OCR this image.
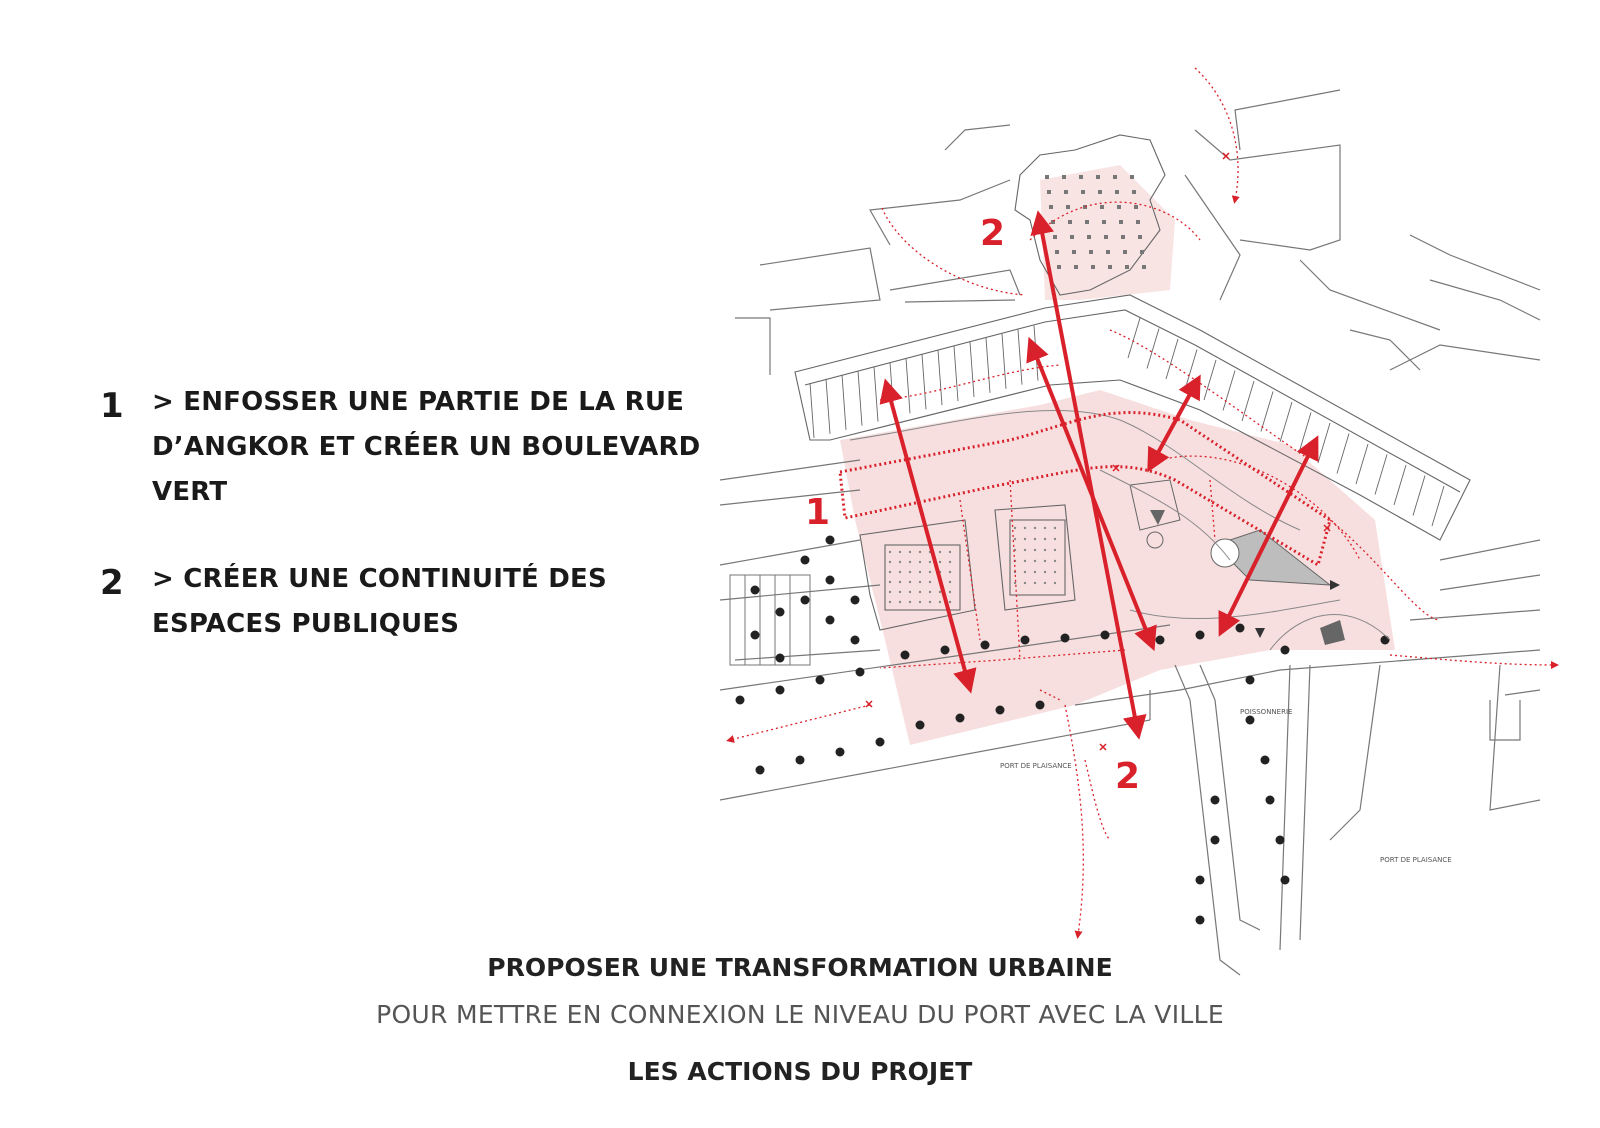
1 > ENFOSSER UNE PARTIE DE LA RUE D’ANGKOR ET CRÉER UN BOULEVARD VERT
2 > CRÉER UNE CONTINUITÉ DES ESPACES PUBLIQUES
1
2
2
POISSONNERIE
PORT DE PLAISANCE
PORT DE PLAISANCE
PROPOSER UNE TRANSFORMATION URBAINE
POUR METTRE EN CONNEXION LE NIVEAU DU PORT AVEC LA VILLE
LES ACTIONS DU PROJET
